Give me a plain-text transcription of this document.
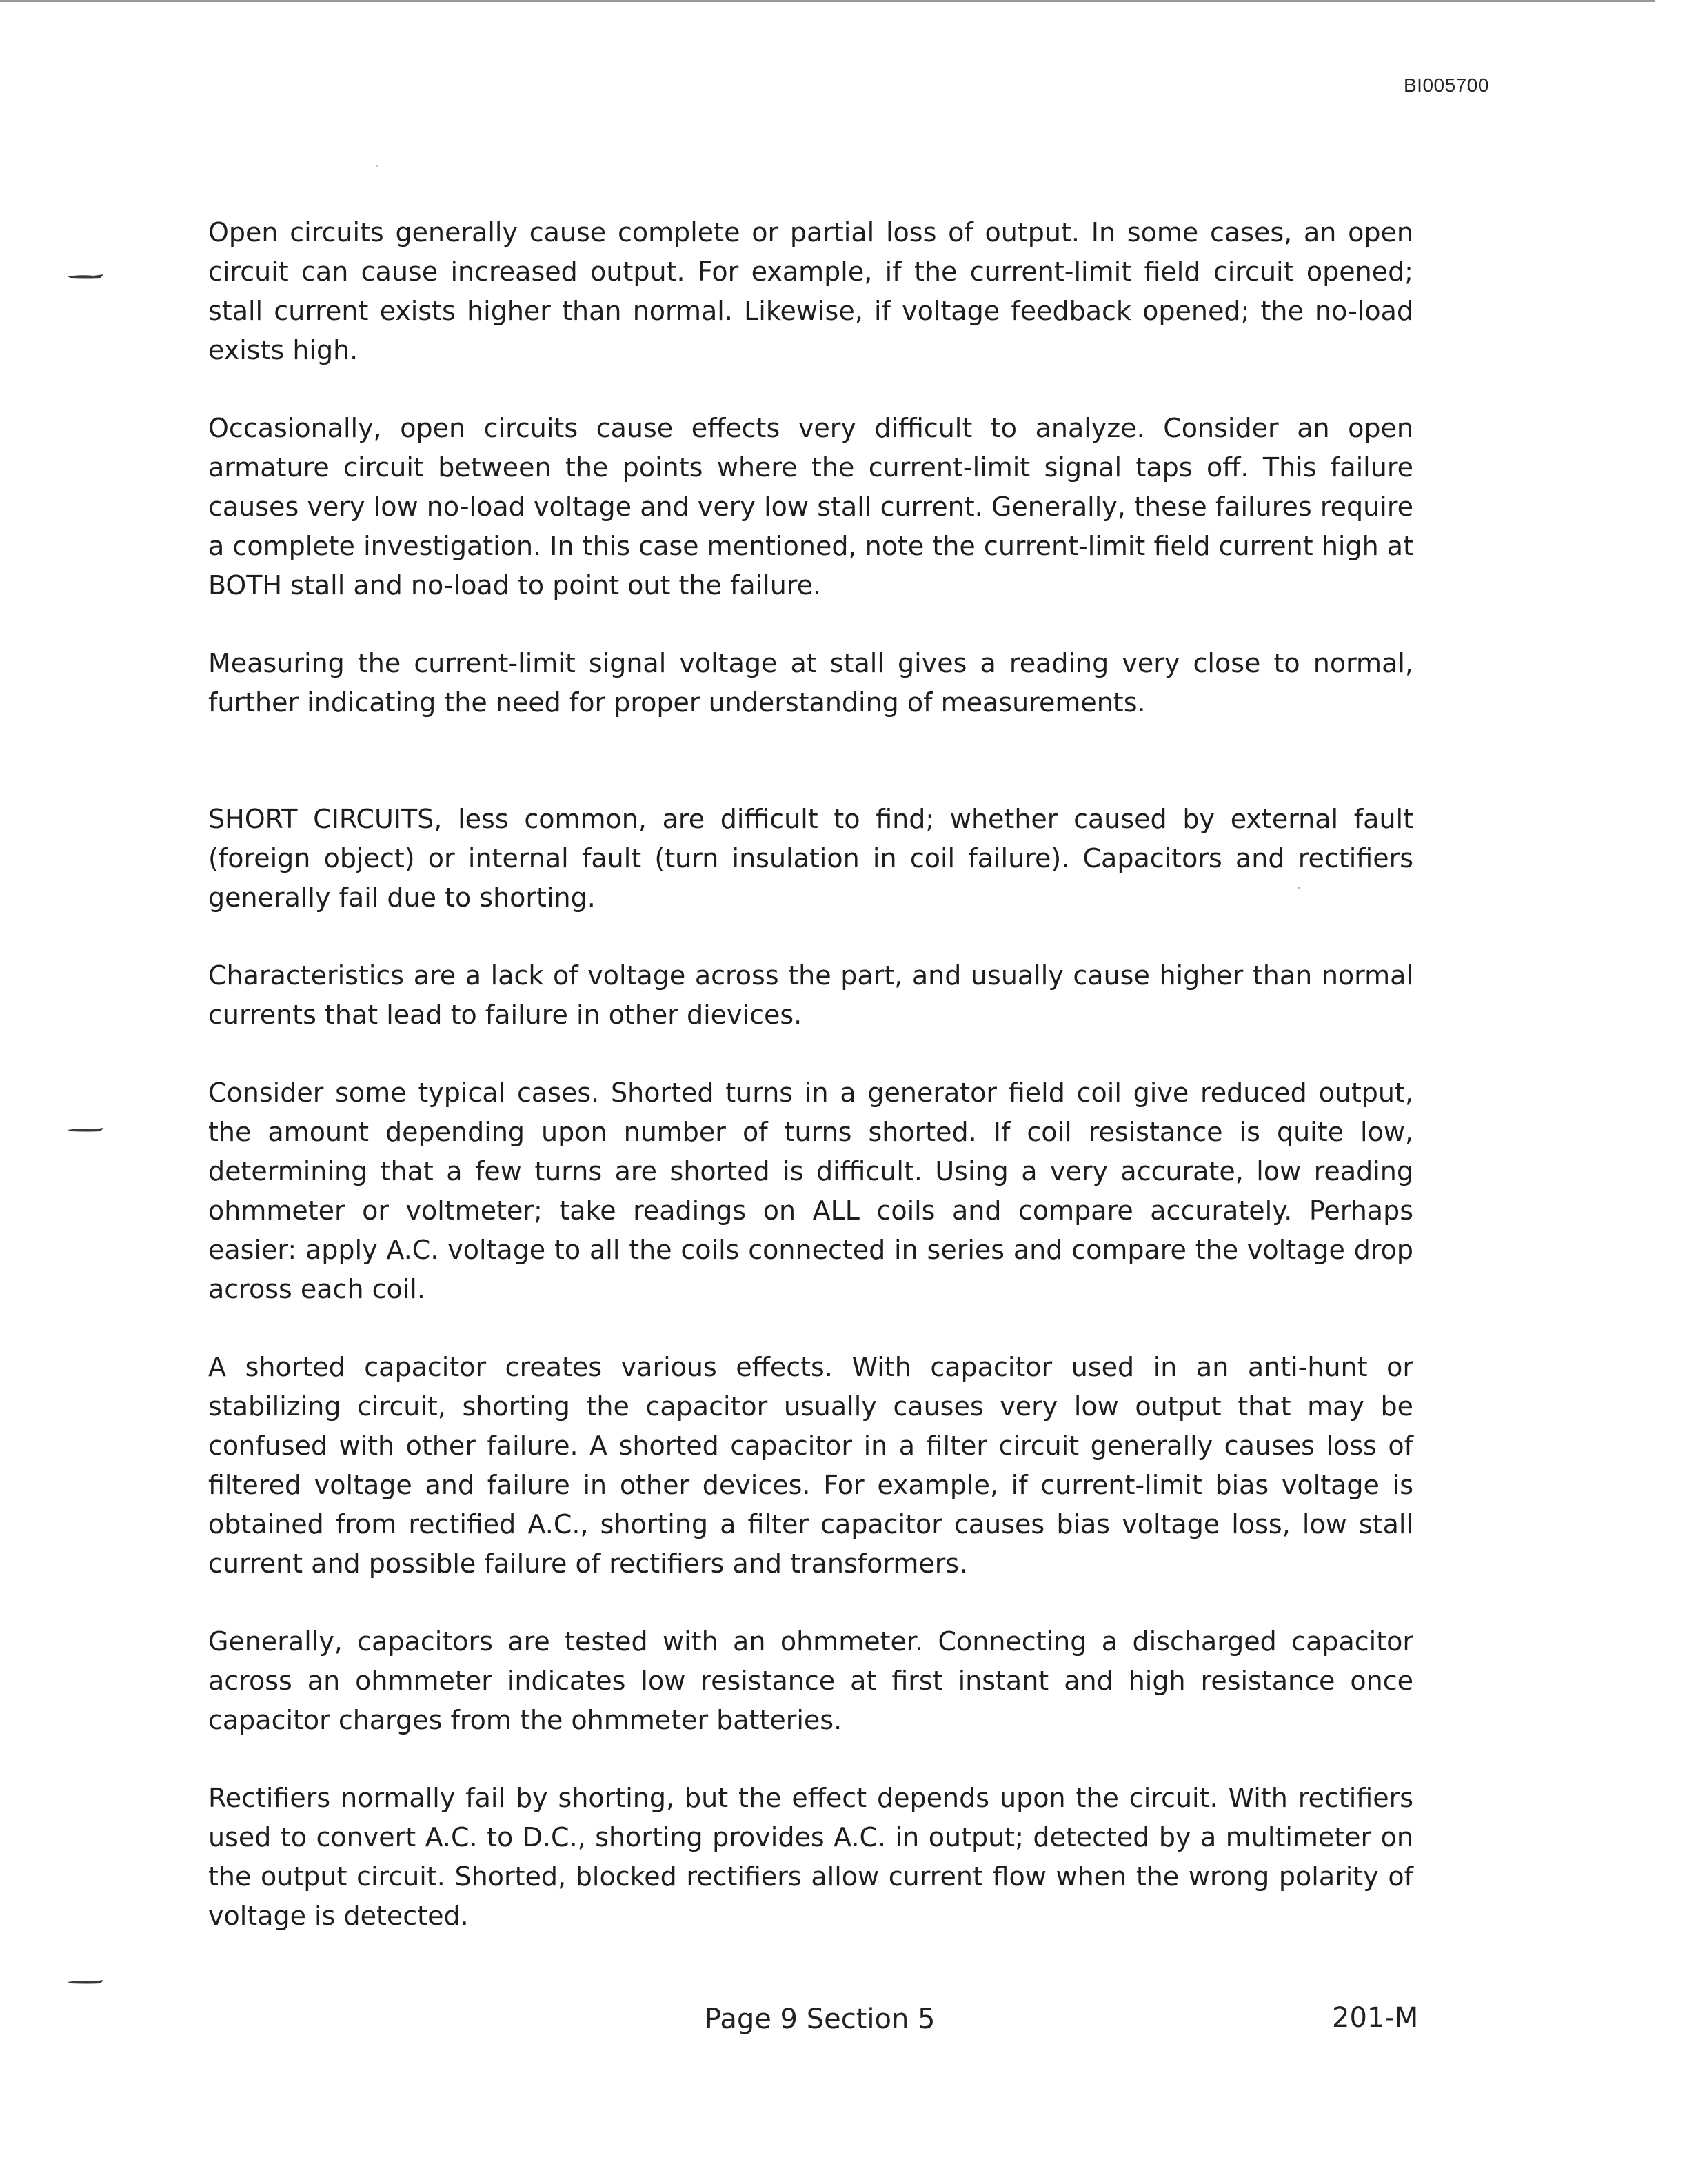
BI005700

Open circuits generally cause complete or partial loss of output. In some cases, an open circuit can cause increased output. For example, if the current-limit field circuit opened; stall current exists higher than normal. Likewise, if voltage feedback opened; the no-load exists high.

Occasionally, open circuits cause effects very difficult to analyze. Consider an open armature circuit between the points where the current-limit signal taps off. This failure causes very low no-load voltage and very low stall current. Generally, these failures require a complete investigation. In this case mentioned, note the current-limit field current high at BOTH stall and no-load to point out the failure.

Measuring the current-limit signal voltage at stall gives a reading very close to normal, further indicating the need for proper understanding of measurements.

SHORT CIRCUITS, less common, are difficult to find; whether caused by external fault (foreign object) or internal fault (turn insulation in coil failure). Capacitors and rectifiers generally fail due to shorting.

Characteristics are a lack of voltage across the part, and usually cause higher than normal currents that lead to failure in other dievices.

Consider some typical cases. Shorted turns in a generator field coil give reduced output, the amount depending upon number of turns shorted. If coil resistance is quite low, determining that a few turns are shorted is difficult. Using a very accurate, low reading ohmmeter or voltmeter; take readings on ALL coils and compare accurately. Perhaps easier: apply A.C. voltage to all the coils connected in series and compare the voltage drop across each coil.

A shorted capacitor creates various effects. With capacitor used in an anti-hunt or stabilizing circuit, shorting the capacitor usually causes very low output that may be confused with other failure. A shorted capacitor in a filter circuit generally causes loss of filtered voltage and failure in other devices. For example, if current-limit bias voltage is obtained from rectified A.C., shorting a filter capacitor causes bias voltage loss, low stall current and possible failure of rectifiers and transformers.

Generally, capacitors are tested with an ohmmeter. Connecting a discharged capacitor across an ohmmeter indicates low resistance at first instant and high resistance once capacitor charges from the ohmmeter batteries.

Rectifiers normally fail by shorting, but the effect depends upon the circuit. With rectifiers used to convert A.C. to D.C., shorting provides A.C. in output; detected by a multimeter on the output circuit. Shorted, blocked rectifiers allow current flow when the wrong polarity of voltage is detected.

Page 9 Section 5	201-M
